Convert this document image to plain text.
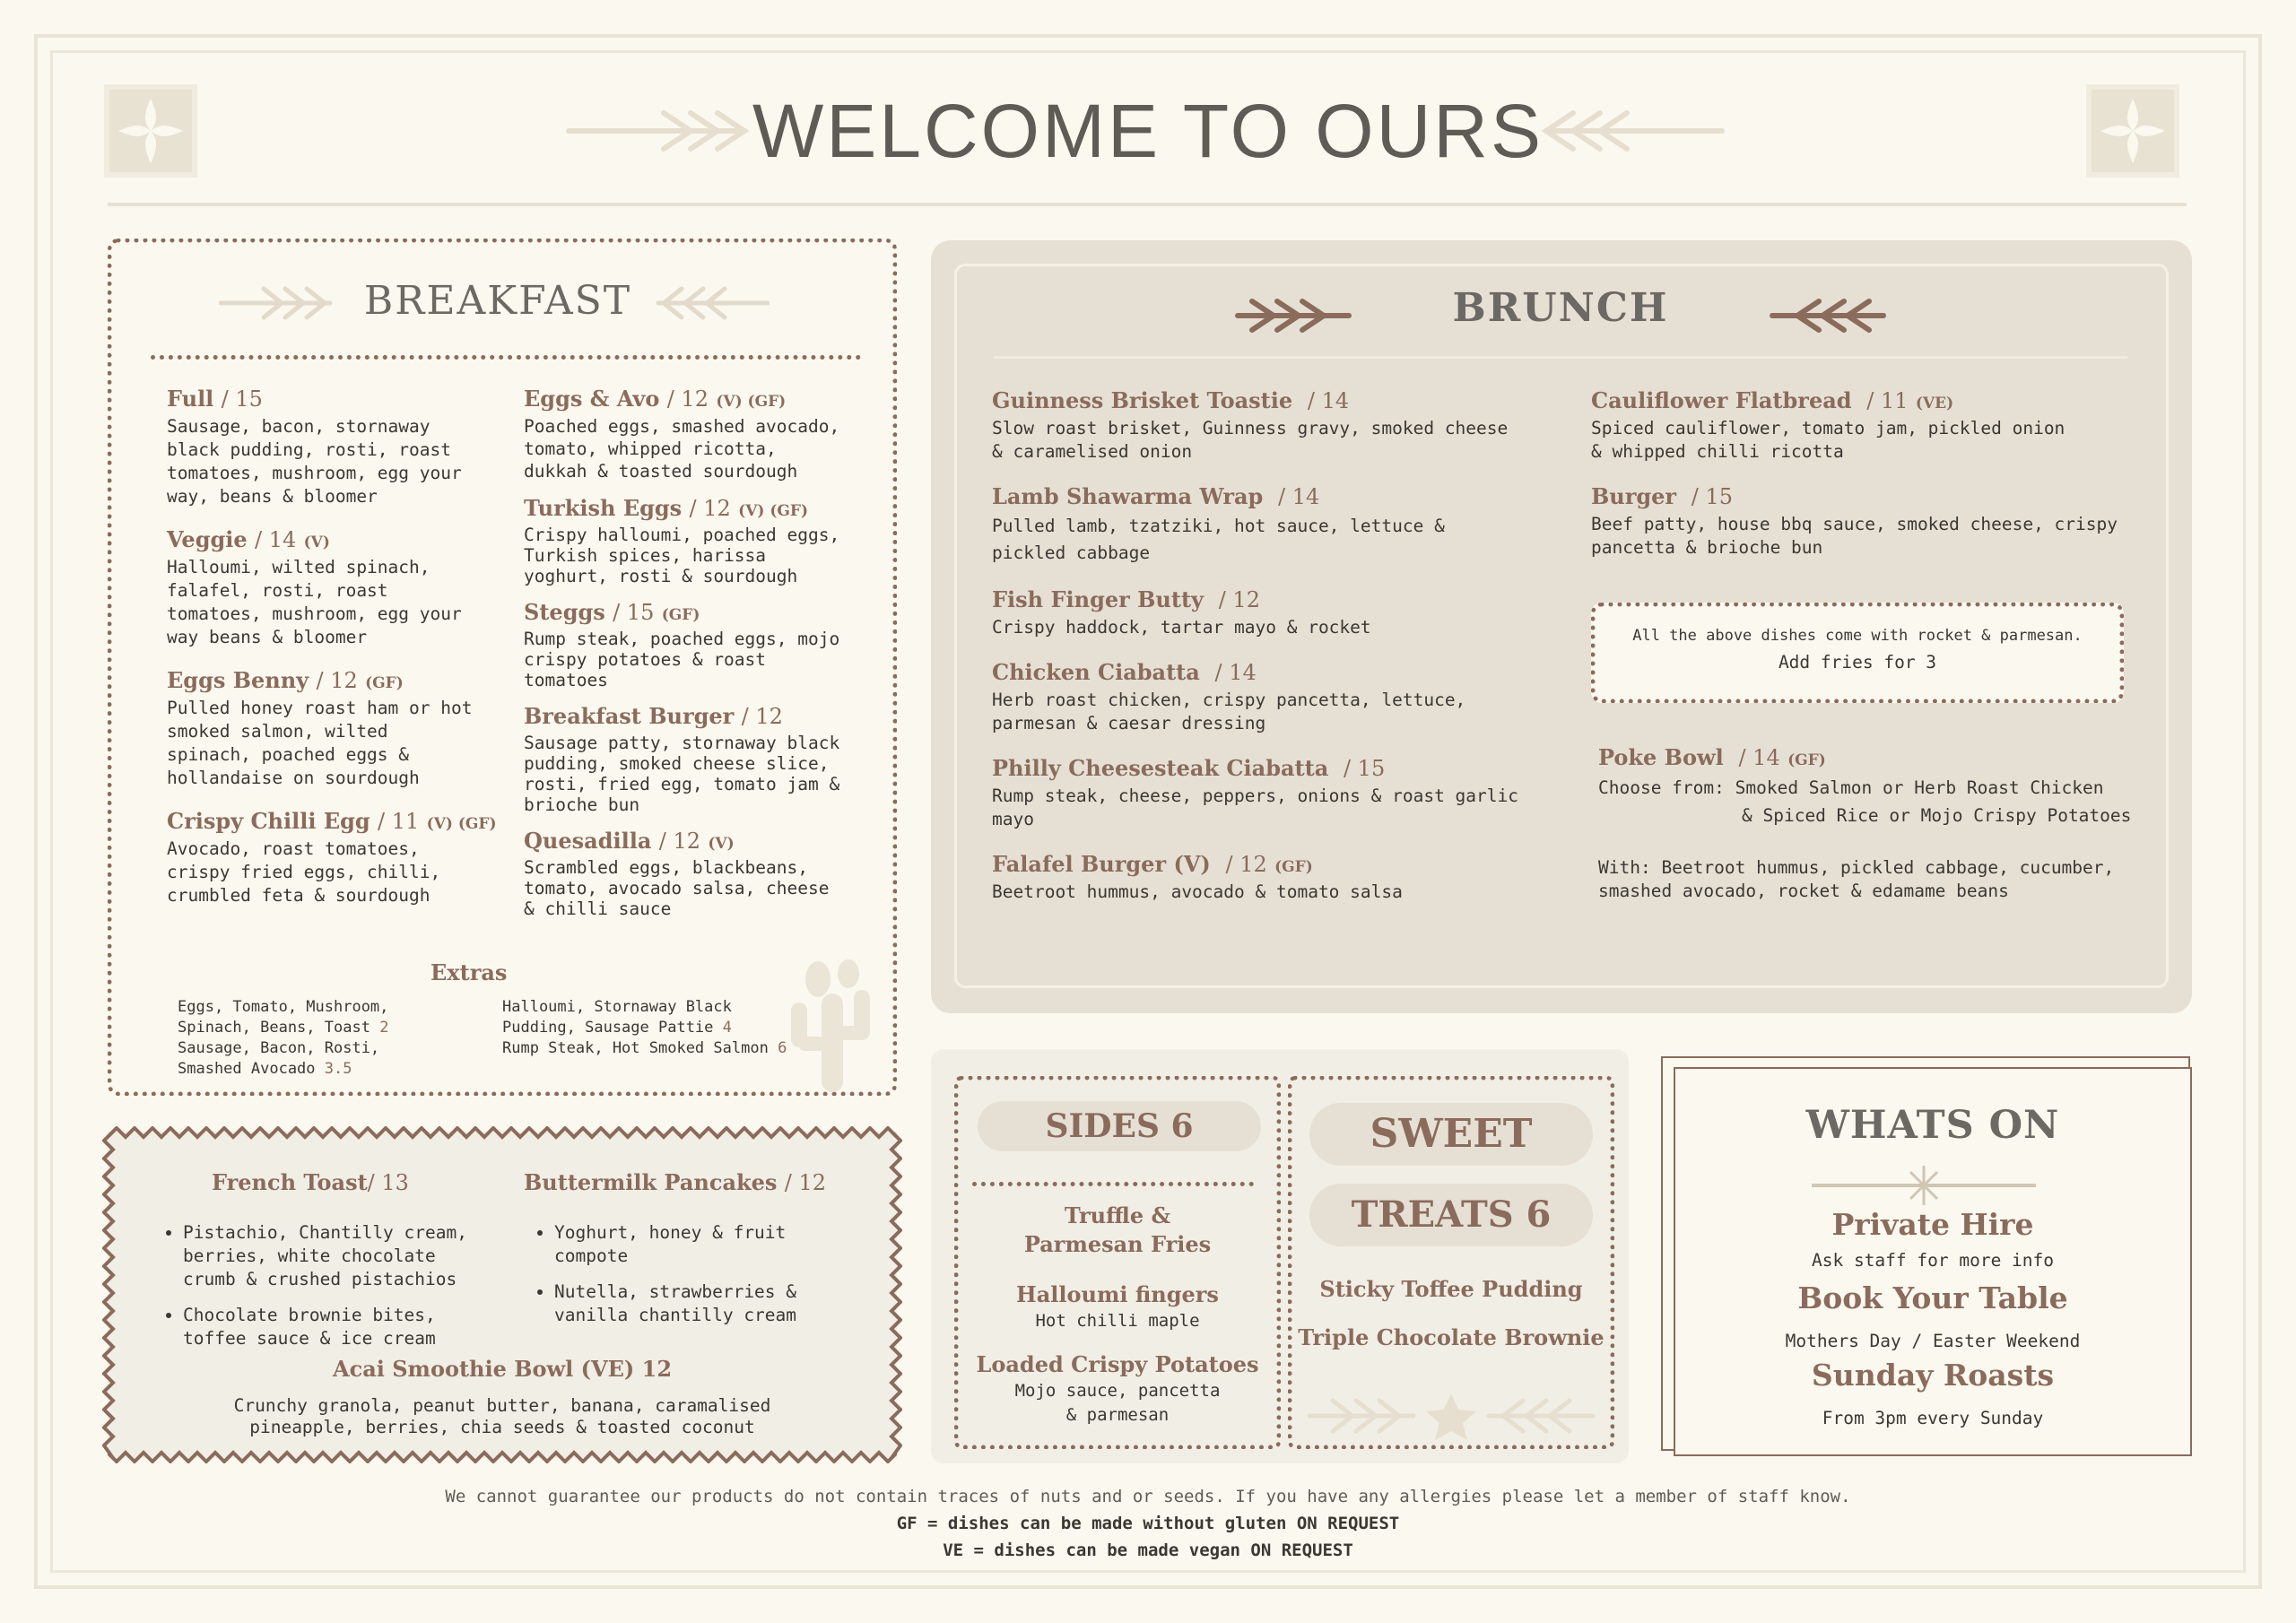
WELCOME TO OURS
BREAKFAST
Full / 15
Sausage, bacon, stornaway
black pudding, rosti, roast
tomatoes, mushroom, egg your
way, beans & bloomer
Veggie / 14 (V)
Halloumi, wilted spinach,
falafel, rosti, roast
tomatoes, mushroom, egg your
way beans & bloomer
Eggs Benny / 12 (GF)
Pulled honey roast ham or hot
smoked salmon, wilted
spinach, poached eggs &
hollandaise on sourdough
Crispy Chilli Egg / 11 (V) (GF)
Avocado, roast tomatoes,
crispy fried eggs, chilli,
crumbled feta & sourdough
Eggs & Avo / 12 (V) (GF)
Poached eggs, smashed avocado,
tomato, whipped ricotta,
dukkah & toasted sourdough
Turkish Eggs / 12 (V) (GF)
Crispy halloumi, poached eggs,
Turkish spices, harissa
yoghurt, rosti & sourdough
Steggs / 15 (GF)
Rump steak, poached eggs, mojo
crispy potatoes & roast
tomatoes
Breakfast Burger / 12
Sausage patty, stornaway black
pudding, smoked cheese slice,
rosti, fried egg, tomato jam &
brioche bun
Quesadilla / 12 (V)
Scrambled eggs, blackbeans,
tomato, avocado salsa, cheese
& chilli sauce
Extras
Eggs, Tomato, Mushroom,
Spinach, Beans, Toast 2
Sausage, Bacon, Rosti,
Smashed Avocado 3.5
Halloumi, Stornaway Black
Pudding, Sausage Pattie 4
Rump Steak, Hot Smoked Salmon 6
French Toast/ 13
• Pistachio, Chantilly cream,
berries, white chocolate
crumb & crushed pistachios
• Chocolate brownie bites,
toffee sauce & ice cream
Buttermilk Pancakes / 12
• Yoghurt, honey & fruit
compote
• Nutella, strawberries &
vanilla chantilly cream
Acai Smoothie Bowl (VE) 12
Crunchy granola, peanut butter, banana, caramalised
pineapple, berries, chia seeds & toasted coconut
BRUNCH
Guinness Brisket Toastie / 14
Slow roast brisket, Guinness gravy, smoked cheese
& caramelised onion
Lamb Shawarma Wrap / 14
Pulled lamb, tzatziki, hot sauce, lettuce &
pickled cabbage
Fish Finger Butty / 12
Crispy haddock, tartar mayo & rocket
Chicken Ciabatta / 14
Herb roast chicken, crispy pancetta, lettuce,
parmesan & caesar dressing
Philly Cheesesteak Ciabatta / 15
Rump steak, cheese, peppers, onions & roast garlic
mayo
Falafel Burger (V) / 12 (GF)
Beetroot hummus, avocado & tomato salsa
Cauliflower Flatbread / 11 (VE)
Spiced cauliflower, tomato jam, pickled onion
& whipped chilli ricotta
Burger / 15
Beef patty, house bbq sauce, smoked cheese, crispy
pancetta & brioche bun
All the above dishes come with rocket & parmesan.
Add fries for 3
Poke Bowl / 14 (GF)
Choose from: Smoked Salmon or Herb Roast Chicken
& Spiced Rice or Mojo Crispy Potatoes
With: Beetroot hummus, pickled cabbage, cucumber,
smashed avocado, rocket & edamame beans
SIDES 6
Truffle &
Parmesan Fries
Halloumi fingers
Hot chilli maple
Loaded Crispy Potatoes
Mojo sauce, pancetta
& parmesan
SWEET
TREATS 6
Sticky Toffee Pudding
Triple Chocolate Brownie
WHATS ON
Private Hire
Ask staff for more info
Book Your Table
Mothers Day / Easter Weekend
Sunday Roasts
From 3pm every Sunday
We cannot guarantee our products do not contain traces of nuts and or seeds. If you have any allergies please let a member of staff know.
GF = dishes can be made without gluten ON REQUEST
VE = dishes can be made vegan ON REQUEST
